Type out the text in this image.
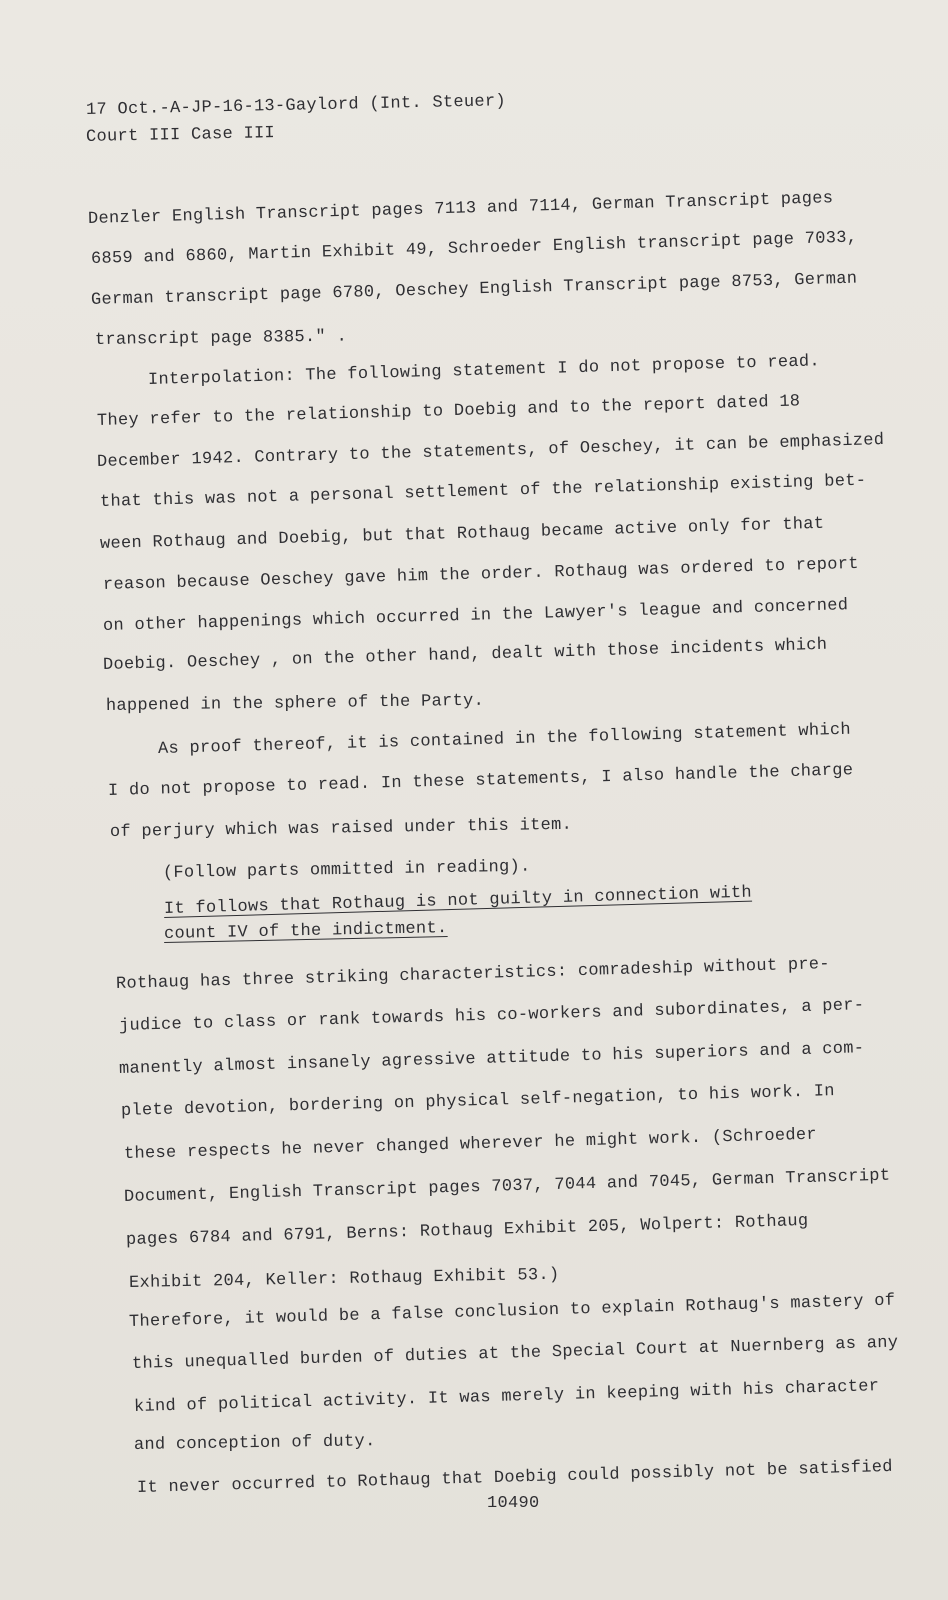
17 Oct.-A-JP-16-13-Gaylord (Int. Steuer)
Court III Case III
Denzler English Transcript pages 7113 and 7114, German Transcript pages
6859 and 6860, Martin Exhibit 49, Schroeder English transcript page 7033,
German transcript page 6780, Oeschey English Transcript page 8753, German
transcript page 8385." .
Interpolation: The following statement I do not propose to read.
They refer to the relationship to Doebig and to the report dated 18
December 1942. Contrary to the statements, of Oeschey, it can be emphasized
that this was not a personal settlement of the relationship existing bet-
ween Rothaug and Doebig, but that Rothaug became active only for that
reason because Oeschey gave him the order. Rothaug was ordered to report
on other happenings which occurred in the Lawyer's league and concerned
Doebig. Oeschey , on the other hand, dealt with those incidents which
happened in the sphere of the Party.
As proof thereof, it is contained in the following statement which
I do not propose to read. In these statements, I also handle the charge
of perjury which was raised under this item.
(Follow parts ommitted in reading).
It follows that Rothaug is not guilty in connection with
count IV of the indictment.
Rothaug has three striking characteristics: comradeship without pre-
judice to class or rank towards his co-workers and subordinates, a per-
manently almost insanely agressive attitude to his superiors and a com-
plete devotion, bordering on physical self-negation, to his work. In
these respects he never changed wherever he might work. (Schroeder
Document, English Transcript pages 7037, 7044 and 7045, German Transcript
pages 6784 and 6791, Berns: Rothaug Exhibit 205, Wolpert: Rothaug
Exhibit 204, Keller: Rothaug Exhibit 53.)
Therefore, it would be a false conclusion to explain Rothaug's mastery of
this unequalled burden of duties at the Special Court at Nuernberg as any
kind of political activity. It was merely in keeping with his character
and conception of duty.
It never occurred to Rothaug that Doebig could possibly not be satisfied
10490
